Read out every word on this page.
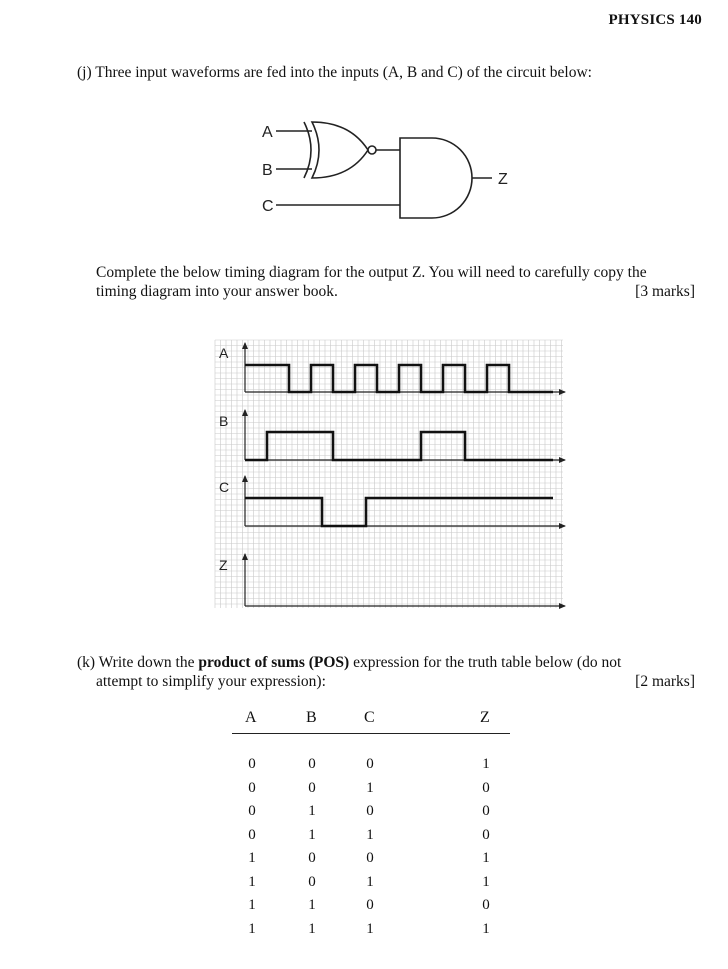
PHYSICS 140
(j) Three input waveforms are fed into the inputs (A, B and C) of the circuit below:
A
B
C
Z
Complete the below timing diagram for the output Z. You will need to carefully copy the
timing diagram into your answer book.	[3 marks]
A
B
C
Z
(k) Write down the product of sums (POS) expression for the truth table below (do not
attempt to simplify your expression):	[2 marks]
A	B	C	Z
0	0	0	1
0	0	1	0
0	1	0	0
0	1	1	0
1	0	0	1
1	0	1	1
1	1	0	0
1	1	1	1
